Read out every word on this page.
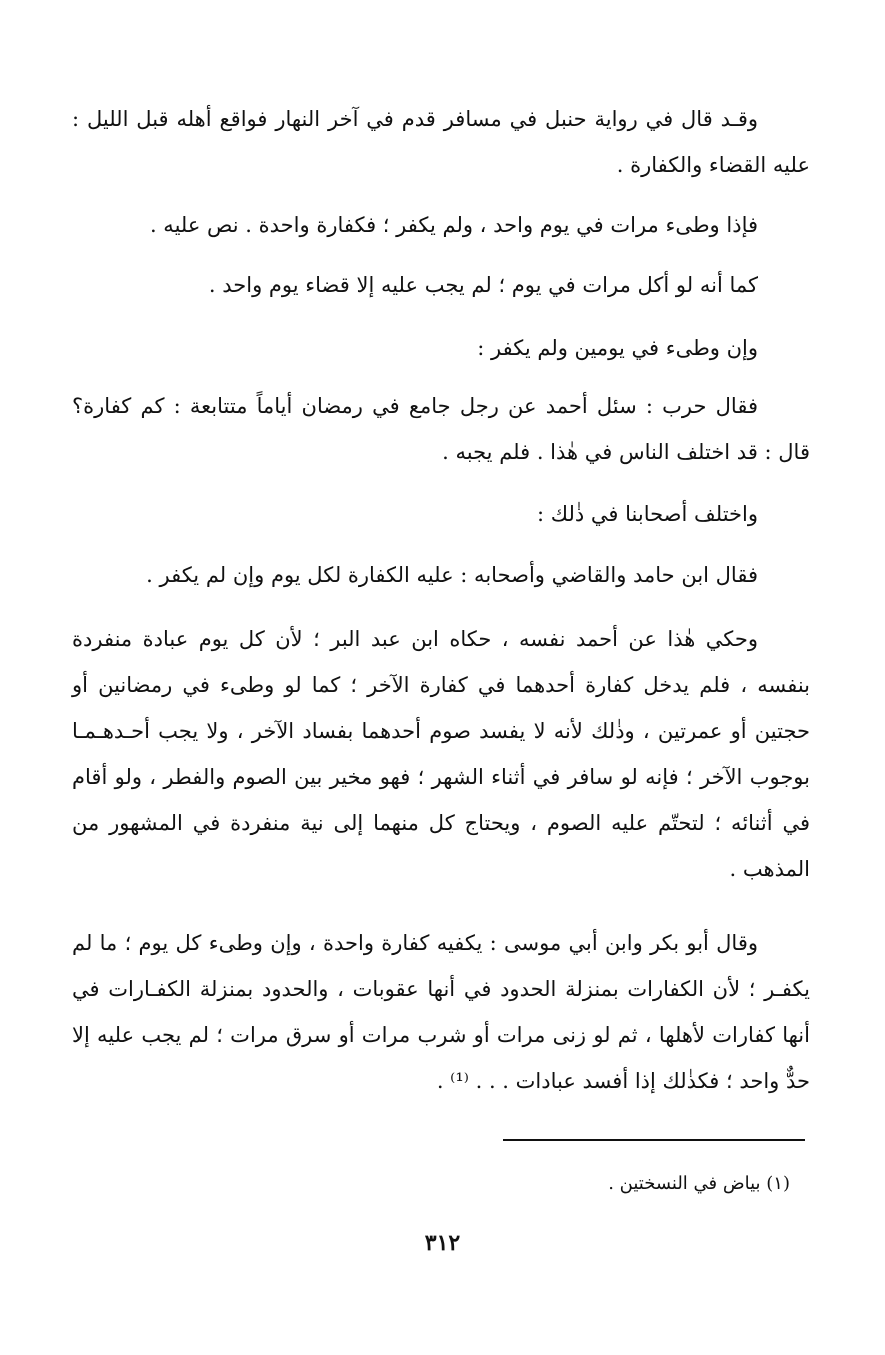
وقـد قال في رواية حنبل في مسافر قدم في آخر النهار فواقع أهله قبل الليل : عليه القضاء والكفارة .

فإذا وطىء مرات في يوم واحد ، ولم يكفر ؛ فكفارة واحدة . نص عليه .

كما أنه لو أكل مرات في يوم ؛ لم يجب عليه إلا قضاء يوم واحد .

وإن وطىء في يومين ولم يكفر :

فقال حرب : سئل أحمد عن رجل جامع في رمضان أياماً متتابعة : كم كفارة؟ قال : قد اختلف الناس في هٰذا . فلم يجبه .

واختلف أصحابنا في ذٰلك :

فقال ابن حامد والقاضي وأصحابه : عليه الكفارة لكل يوم وإن لم يكفر .

وحكي هٰذا عن أحمد نفسه ، حكاه ابن عبد البر ؛ لأن كل يوم عبادة منفردة بنفسه ، فلم يدخل كفارة أحدهما في كفارة الآخر ؛ كما لو وطىء في رمضانين أو حجتين أو عمرتين ، وذٰلك لأنه لا يفسد صوم أحدهما بفساد الآخر ، ولا يجب أحـدهـمـا بوجوب الآخر ؛ فإنه لو سافر في أثناء الشهر ؛ فهو مخير بين الصوم والفطر ، ولو أقام في أثنائه ؛ لتحتّم عليه الصوم ، ويحتاج كل منهما إلى نية منفردة في المشهور من المذهب .

وقال أبو بكر وابن أبي موسى : يكفيه كفارة واحدة ، وإن وطىء كل يوم ؛ ما لم يكفـر ؛ لأن الكفارات بمنزلة الحدود في أنها عقوبات ، والحدود بمنزلة الكفـارات في أنها كفارات لأهلها ، ثم لو زنى مرات أو شرب مرات أو سرق مرات ؛ لم يجب عليه إلا حدٌّ واحد ؛ فكذٰلك إذا أفسد عبادات . . . ⁽¹⁾ .

(١) بياض في النسختين .
٣١٢
